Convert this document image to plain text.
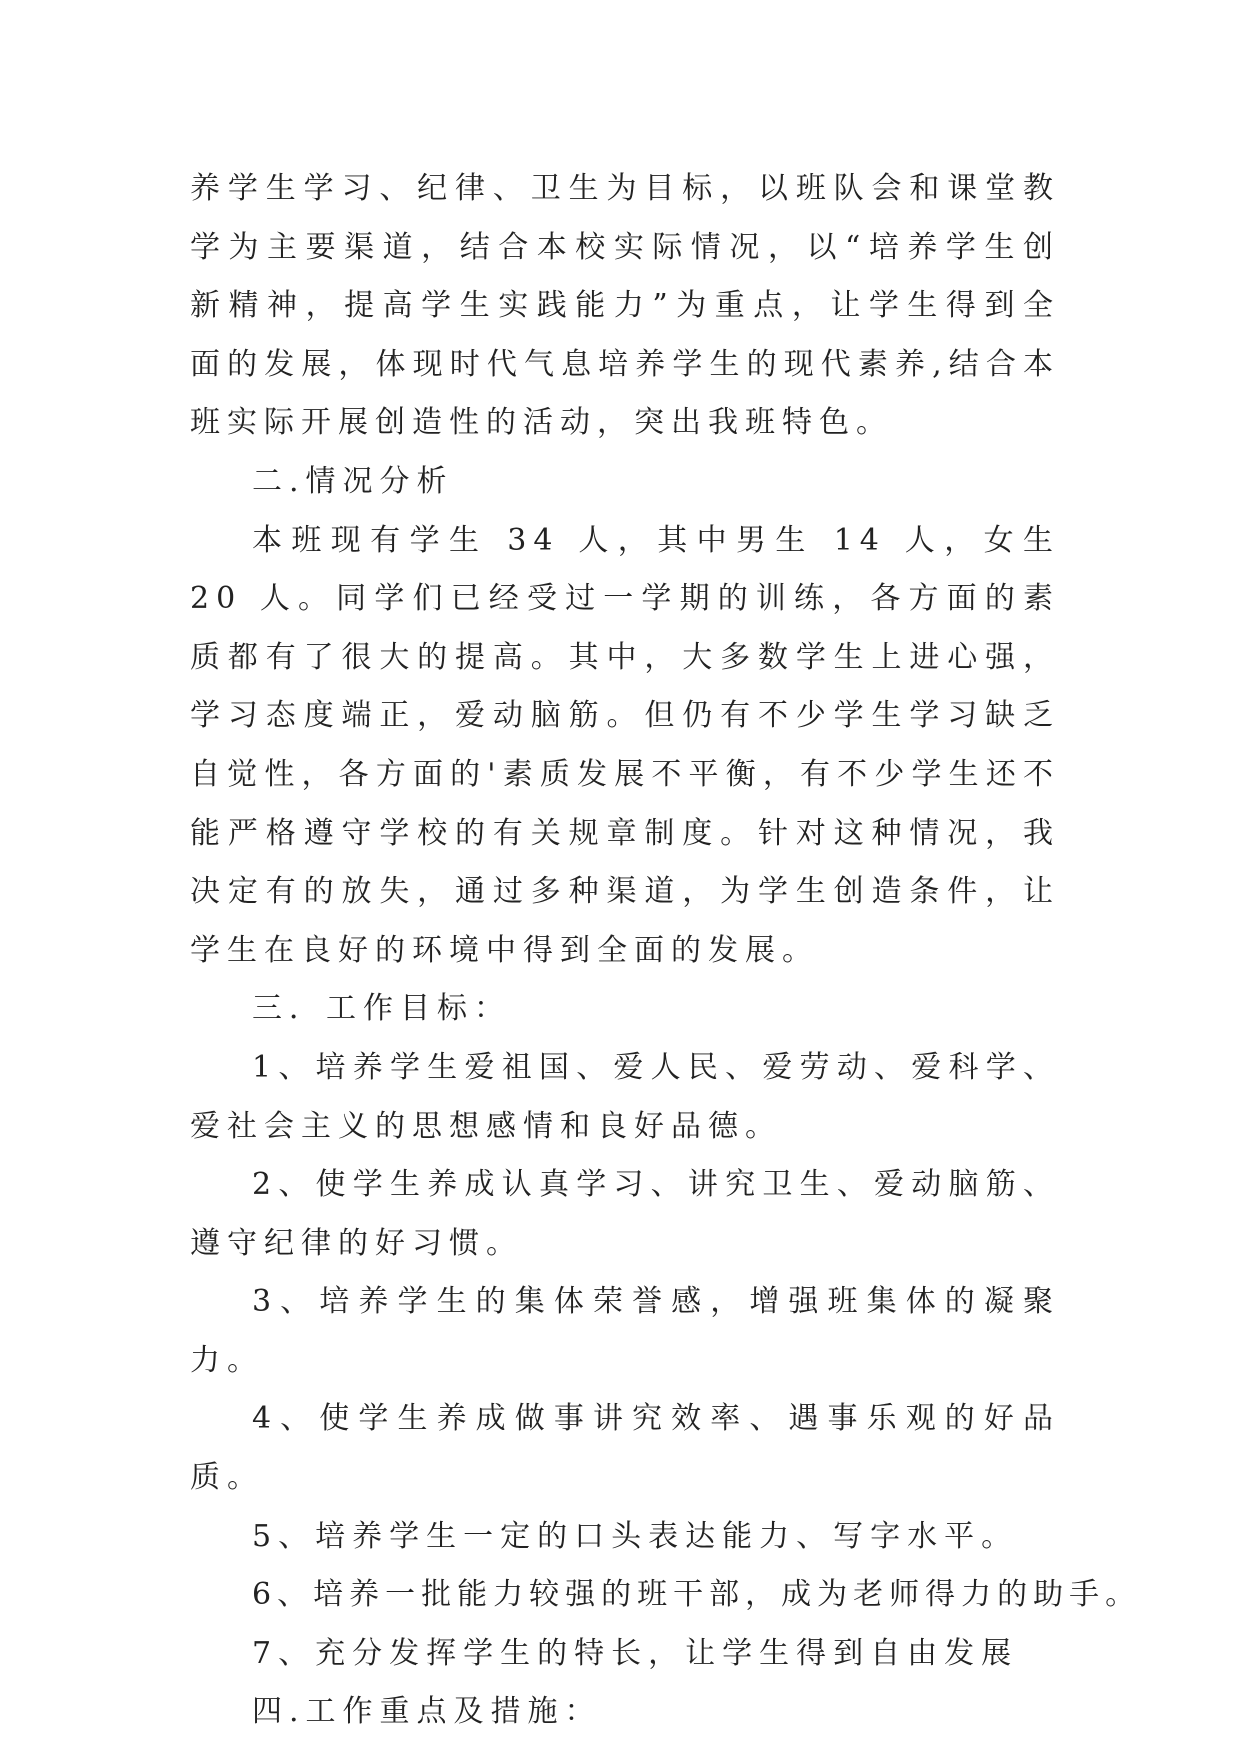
养学生学习、纪律、卫生为目标，以班队会和课堂教学为主要渠道，结合本校实际情况，以“培养学生创新精神，提高学生实践能力”为重点，让学生得到全面的发展，体现时代气息培养学生的现代素养,结合本班实际开展创造性的活动，突出我班特色。

二.情况分析

本班现有学生 34 人，其中男生 14 人，女生 20 人。同学们已经受过一学期的训练，各方面的素质都有了很大的提高。其中，大多数学生上进心强，学习态度端正，爱动脑筋。但仍有不少学生学习缺乏自觉性，各方面的'素质发展不平衡，有不少学生还不能严格遵守学校的有关规章制度。针对这种情况，我决定有的放失，通过多种渠道，为学生创造条件，让学生在良好的环境中得到全面的发展。

三．工作目标：

1、培养学生爱祖国、爱人民、爱劳动、爱科学、爱社会主义的思想感情和良好品德。

2、使学生养成认真学习、讲究卫生、爱动脑筋、遵守纪律的好习惯。

3、培养学生的集体荣誉感，增强班集体的凝聚力。

4、使学生养成做事讲究效率、遇事乐观的好品质。

5、培养学生一定的口头表达能力、写字水平。

6、培养一批能力较强的班干部，成为老师得力的助手。

7、充分发挥学生的特长，让学生得到自由发展

四.工作重点及措施：
